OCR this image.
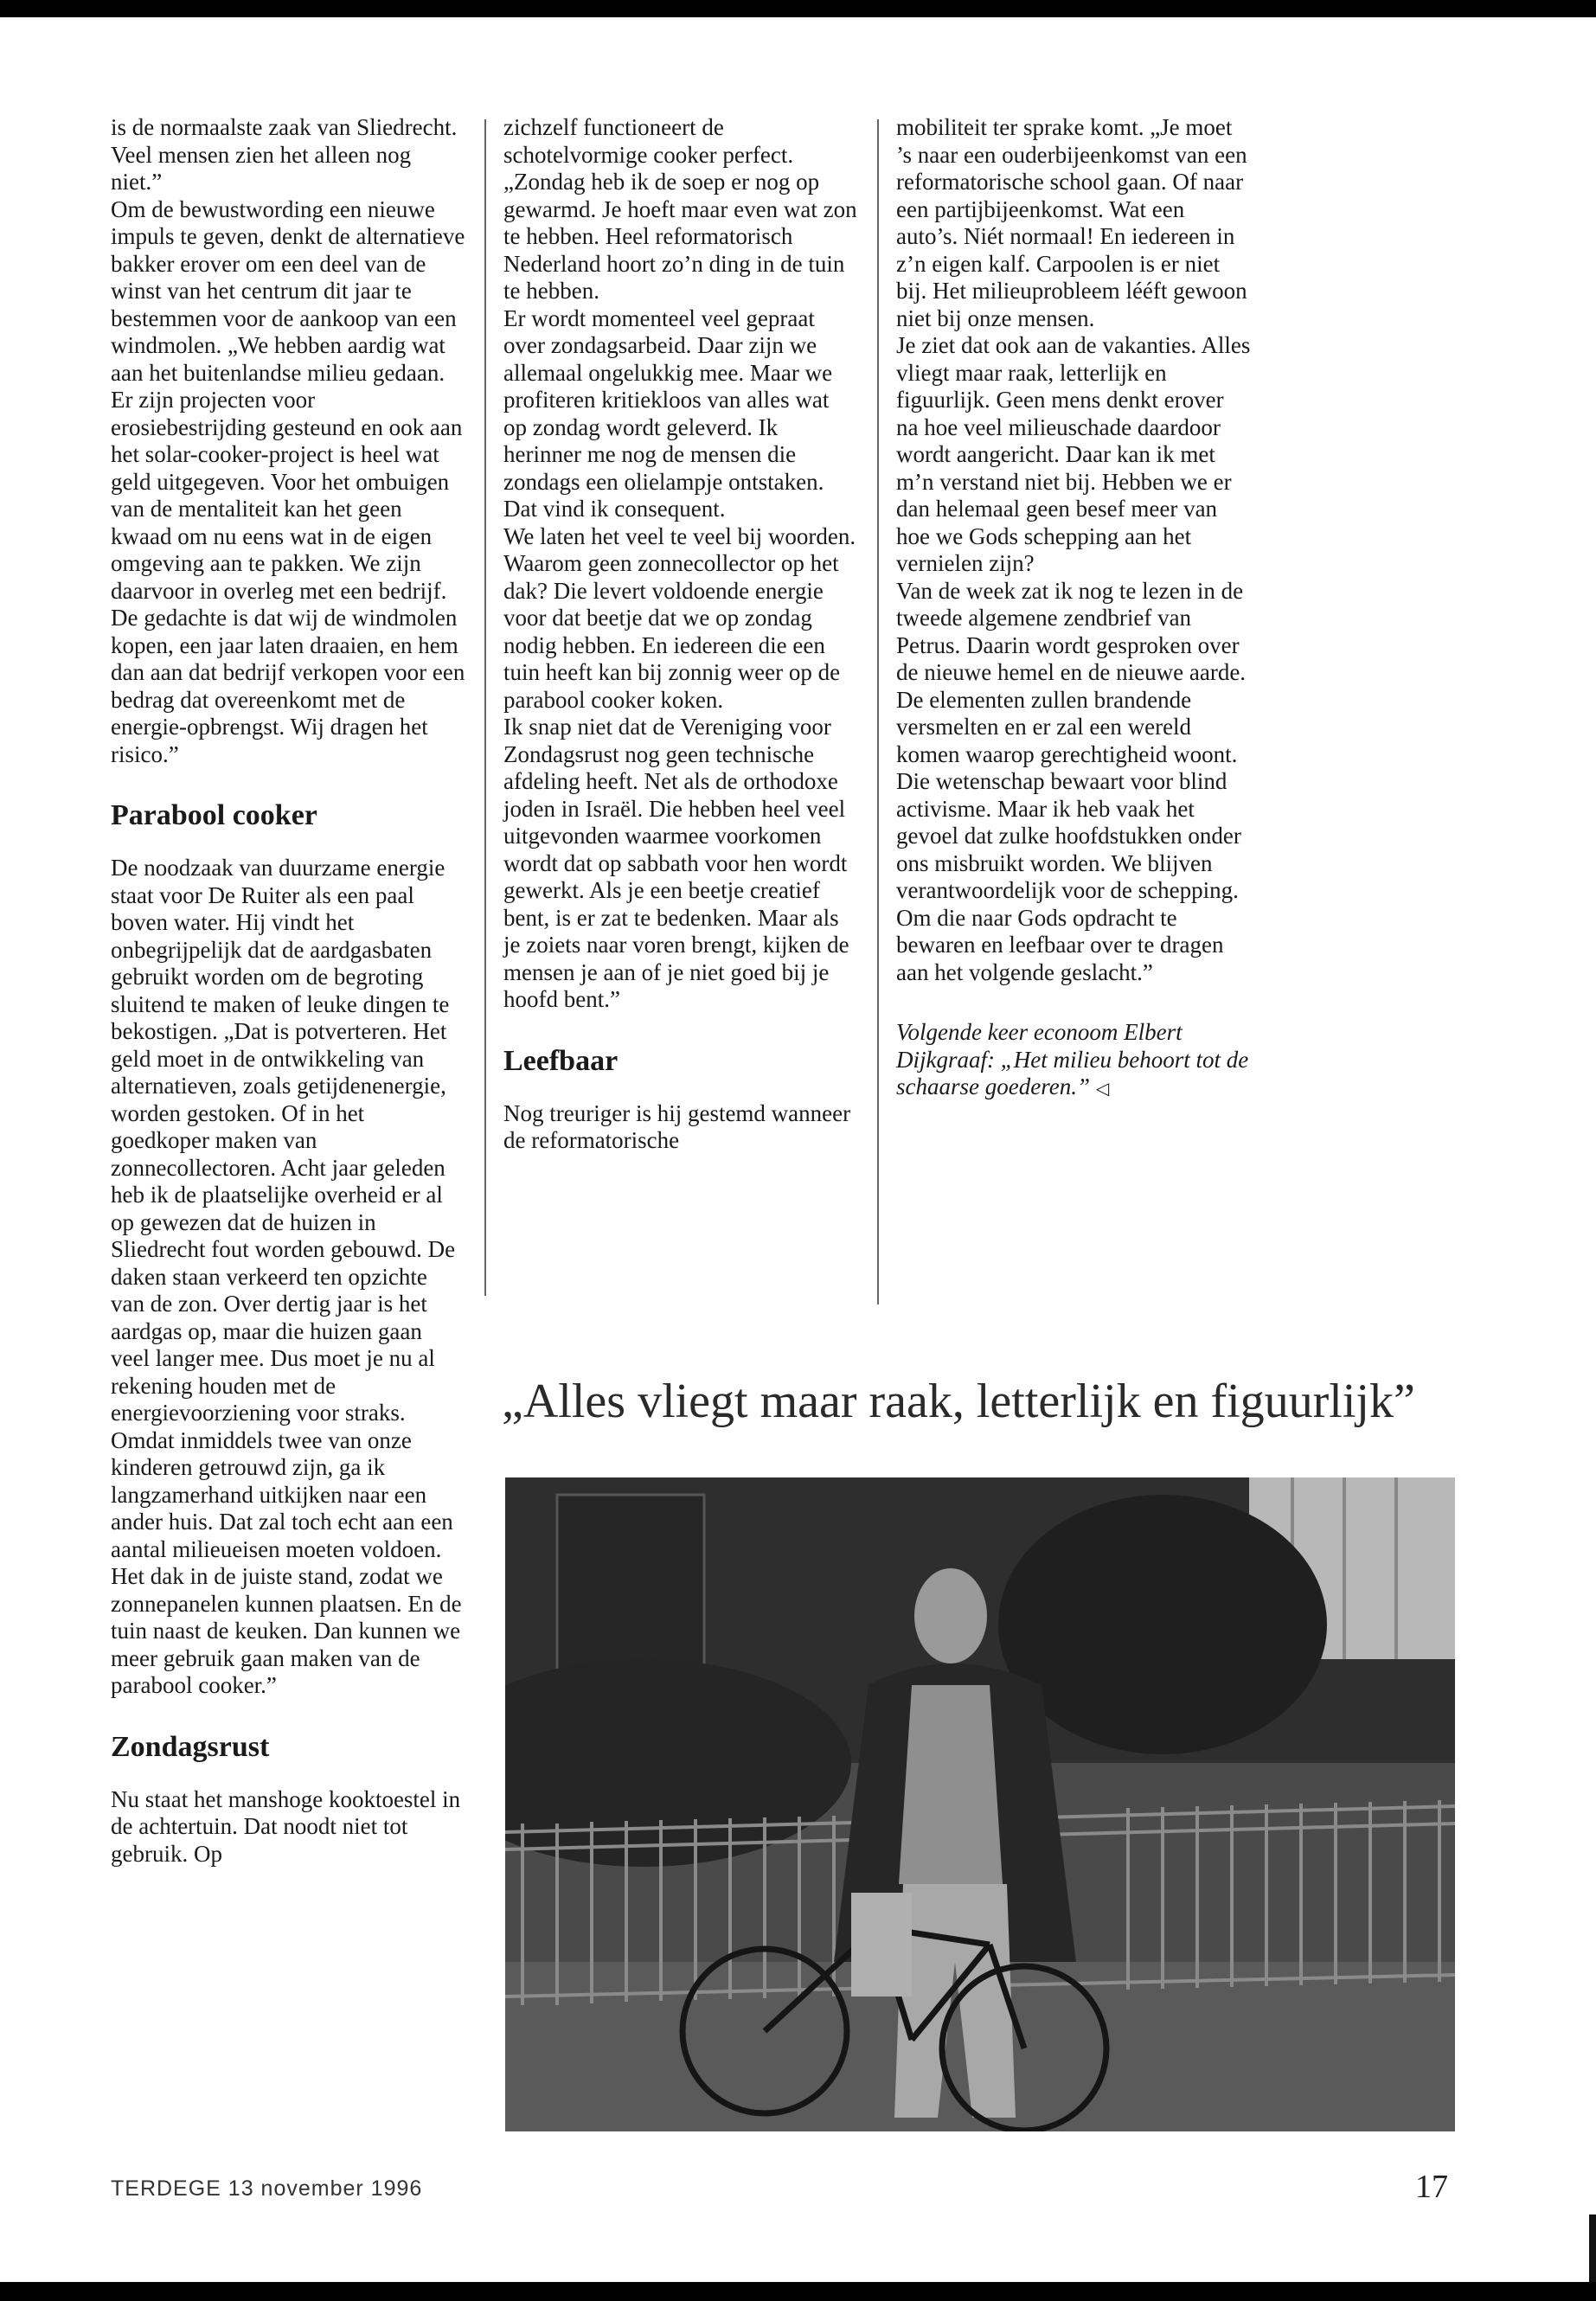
is de normaalste zaak van Sliedrecht. Veel mensen zien het alleen nog niet.”

Om de bewustwording een nieuwe impuls te geven, denkt de alternatieve bakker erover om een deel van de winst van het centrum dit jaar te bestemmen voor de aankoop van een windmolen. „We hebben aardig wat aan het buitenlandse milieu gedaan. Er zijn projecten voor erosiebestrijding gesteund en ook aan het solar-cooker-project is heel wat geld uitgegeven. Voor het ombuigen van de mentaliteit kan het geen kwaad om nu eens wat in de eigen omgeving aan te pakken. We zijn daarvoor in overleg met een bedrijf. De gedachte is dat wij de windmolen kopen, een jaar laten draaien, en hem dan aan dat bedrijf verkopen voor een bedrag dat overeenkomt met de energie-opbrengst. Wij dragen het risico.”

Parabool cooker

De noodzaak van duurzame energie staat voor De Ruiter als een paal boven water. Hij vindt het onbegrijpelijk dat de aardgasbaten gebruikt worden om de begroting sluitend te maken of leuke dingen te bekostigen. „Dat is potverteren. Het geld moet in de ontwikkeling van alternatieven, zoals getijdenenergie, worden gestoken. Of in het goedkoper maken van zonnecollectoren. Acht jaar geleden heb ik de plaatselijke overheid er al op gewezen dat de huizen in Sliedrecht fout worden gebouwd. De daken staan verkeerd ten opzichte van de zon. Over dertig jaar is het aardgas op, maar die huizen gaan veel langer mee. Dus moet je nu al rekening houden met de energievoorziening voor straks.

Omdat inmiddels twee van onze kinderen getrouwd zijn, ga ik langzamerhand uitkijken naar een ander huis. Dat zal toch echt aan een aantal milieueisen moeten voldoen. Het dak in de juiste stand, zodat we zonnepanelen kunnen plaatsen. En de tuin naast de keuken. Dan kunnen we meer gebruik gaan maken van de parabool cooker.”

Zondagsrust

Nu staat het manshoge kooktoestel in de achtertuin. Dat noodt niet tot gebruik. Op

zichzelf functioneert de schotelvormige cooker perfect. „Zondag heb ik de soep er nog op gewarmd. Je hoeft maar even wat zon te hebben. Heel reformatorisch Nederland hoort zo’n ding in de tuin te hebben.

Er wordt momenteel veel gepraat over zondagsarbeid. Daar zijn we allemaal ongelukkig mee. Maar we profiteren kritiekloos van alles wat op zondag wordt geleverd. Ik herinner me nog de mensen die zondags een olielampje ontstaken. Dat vind ik consequent.

We laten het veel te veel bij woorden. Waarom geen zonnecollector op het dak? Die levert voldoende energie voor dat beetje dat we op zondag nodig hebben. En iedereen die een tuin heeft kan bij zonnig weer op de parabool cooker koken.

Ik snap niet dat de Vereniging voor Zondagsrust nog geen technische afdeling heeft. Net als de orthodoxe joden in Israël. Die hebben heel veel uitgevonden waarmee voorkomen wordt dat op sabbath voor hen wordt gewerkt. Als je een beetje creatief bent, is er zat te bedenken. Maar als je zoiets naar voren brengt, kijken de mensen je aan of je niet goed bij je hoofd bent.”

Leefbaar

Nog treuriger is hij gestemd wanneer de reformatorische

mobiliteit ter sprake komt. „Je moet ’s naar een ouderbijeenkomst van een reformatorische school gaan. Of naar een partijbijeenkomst. Wat een auto’s. Niét normaal! En iedereen in z’n eigen kalf. Carpoolen is er niet bij. Het milieuprobleem lééft gewoon niet bij onze mensen.

Je ziet dat ook aan de vakanties. Alles vliegt maar raak, letterlijk en figuurlijk. Geen mens denkt erover na hoe veel milieuschade daardoor wordt aangericht. Daar kan ik met m’n verstand niet bij. Hebben we er dan helemaal geen besef meer van hoe we Gods schepping aan het vernielen zijn?

Van de week zat ik nog te lezen in de tweede algemene zendbrief van Petrus. Daarin wordt gesproken over de nieuwe hemel en de nieuwe aarde. De elementen zullen brandende versmelten en er zal een wereld komen waarop gerechtigheid woont. Die wetenschap bewaart voor blind activisme. Maar ik heb vaak het gevoel dat zulke hoofdstukken onder ons misbruikt worden. We blijven verantwoordelijk voor de schepping. Om die naar Gods opdracht te bewaren en leefbaar over te dragen aan het volgende geslacht.”

Volgende keer econoom Elbert Dijkgraaf: „Het milieu behoort tot de schaarse goederen.” ◁

„Alles vliegt maar raak, letterlijk en figuurlijk”
TERDEGE 13 november 1996	17
